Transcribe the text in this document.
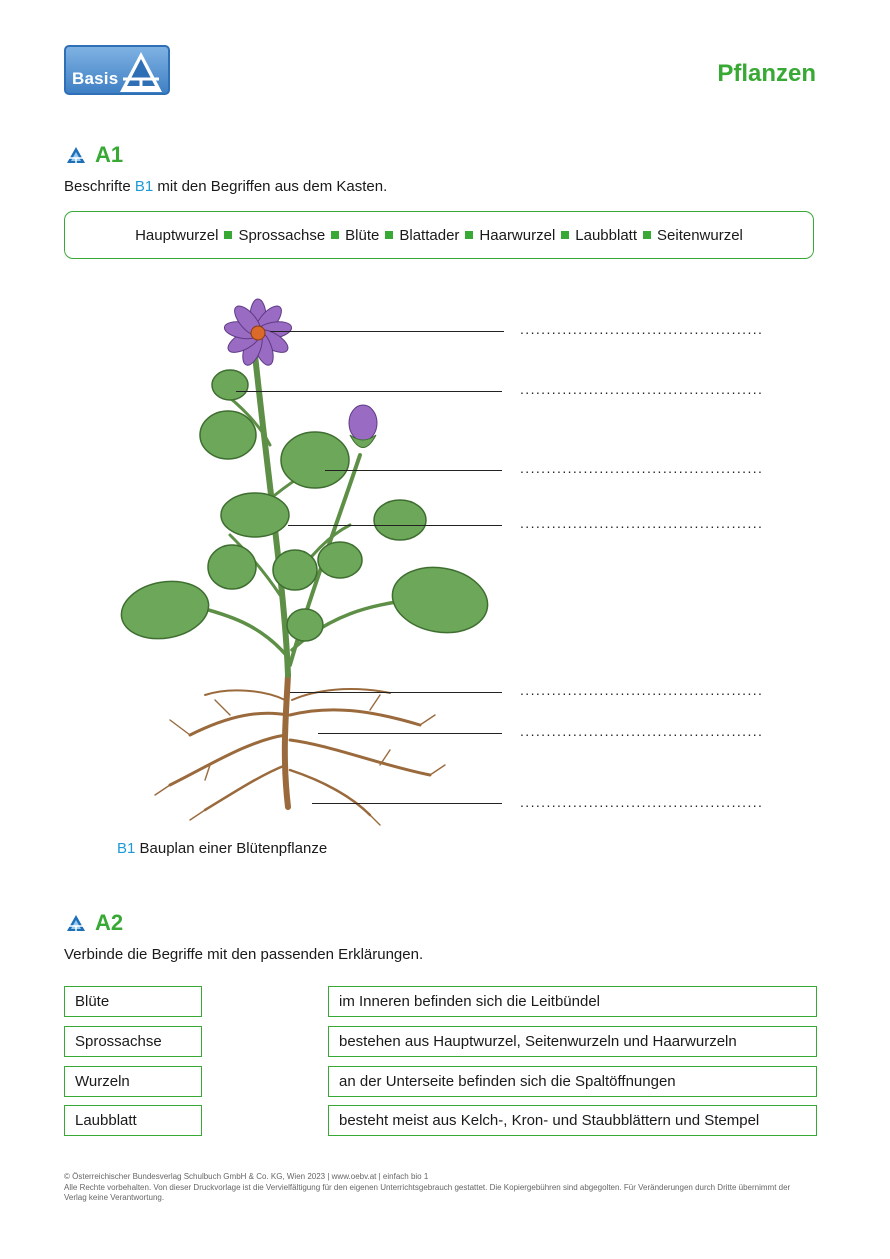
Basis	Pflanzen
A1
Beschrifte B1 mit den Begriffen aus dem Kasten.
Hauptwurzel Sprossachse Blüte Blattader Haarwurzel Laubblatt Seitenwurzel
..............................................
..............................................
..............................................
..............................................
..............................................
..............................................
..............................................
B1 Bauplan einer Blütenpflanze
A2
Verbinde die Begriffe mit den passenden Erklärungen.
Blüte
Sprossachse
Wurzeln
Laubblatt
im Inneren befinden sich die Leitbündel
bestehen aus Hauptwurzel, Seitenwurzeln und Haarwurzeln
an der Unterseite befinden sich die Spaltöffnungen
besteht meist aus Kelch-, Kron- und Staubblättern und Stempel
© Österreichischer Bundesverlag Schulbuch GmbH & Co. KG, Wien 2023 | www.oebv.at | einfach bio 1
Alle Rechte vorbehalten. Von dieser Druckvorlage ist die Vervielfältigung für den eigenen Unterrichtsgebrauch gestattet. Die Kopiergebühren sind abgegolten. Für Veränderungen durch Dritte übernimmt der Verlag keine Verantwortung.
